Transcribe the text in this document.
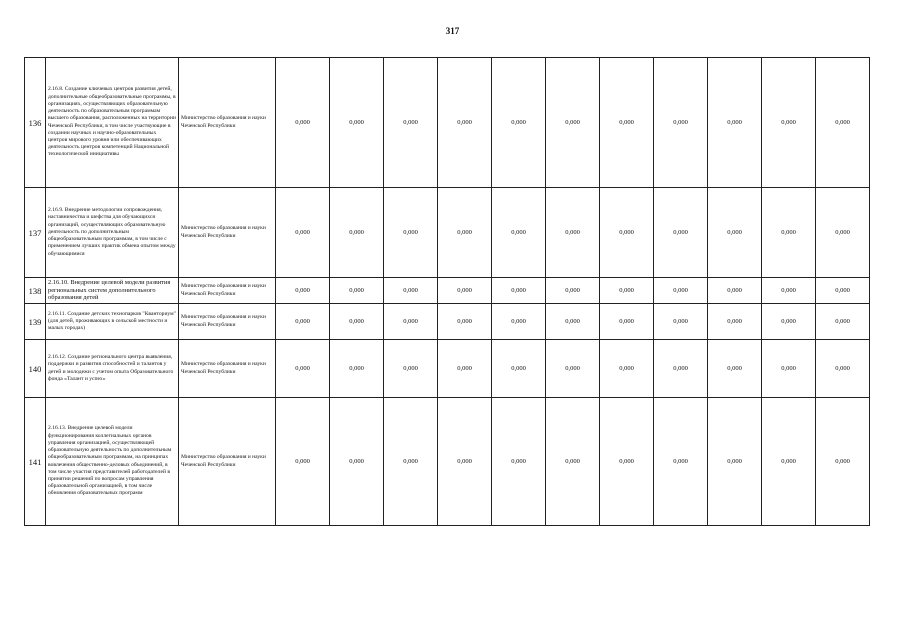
317
136	2.16.8. Создание ключевых центров развития детей, дополнительные общеобразовательные программы, в организациях, осуществляющих образовательную деятельность по образовательным программам высшего образования, расположенных на территории Чеченской Республики, в том числе участвующие в создании научных и научно-образовательных центров мирового уровня или обеспечивающих деятельность центров компетенций Национальной технологической инициативы	Министерство образования и науки Чеченской Республики	0,000	0,000	0,000	0,000	0,000	0,000	0,000	0,000	0,000	0,000	0,000
137	2.16.9. Внедрение методологии сопровождения, наставничества и шефства для обучающихся организаций, осуществляющих образовательную деятельность по дополнительным общеобразовательным программам, в том числе с применением лучших практик обмена опытом между обучающимися	Министерство образования и науки Чеченской Республики	0,000	0,000	0,000	0,000	0,000	0,000	0,000	0,000	0,000	0,000	0,000
138	2.16.10. Внедрение целевой модели развития региональных систем дополнительного образования детей	Министерство образования и науки Чеченской Республики	0,000	0,000	0,000	0,000	0,000	0,000	0,000	0,000	0,000	0,000	0,000
139	2.16.11. Создание детских технопарков "Кванториум" (для детей, проживающих в сельской местности и малых городах)	Министерство образования и науки Чеченской Республики	0,000	0,000	0,000	0,000	0,000	0,000	0,000	0,000	0,000	0,000	0,000
140	2.16.12. Создание регионального центра выявления, поддержки и развития способностей и талантов у детей и молодежи с учетом опыта Образовательного фонда «Талант и успех»	Министерство образования и науки Чеченской Республики	0,000	0,000	0,000	0,000	0,000	0,000	0,000	0,000	0,000	0,000	0,000
141	2.16.13. Внедрение целевой модели функционирования коллегиальных органов управления организацией, осуществляющей образовательную деятельность по дополнительным общеобразовательным программам, на принципах вовлечения общественно-деловых объединений, в том числе участия представителей работодателей в принятии решений по вопросам управления образовательной организацией, в том числе обновления образовательных программ	Министерство образования и науки Чеченской Республики	0,000	0,000	0,000	0,000	0,000	0,000	0,000	0,000	0,000	0,000	0,000
